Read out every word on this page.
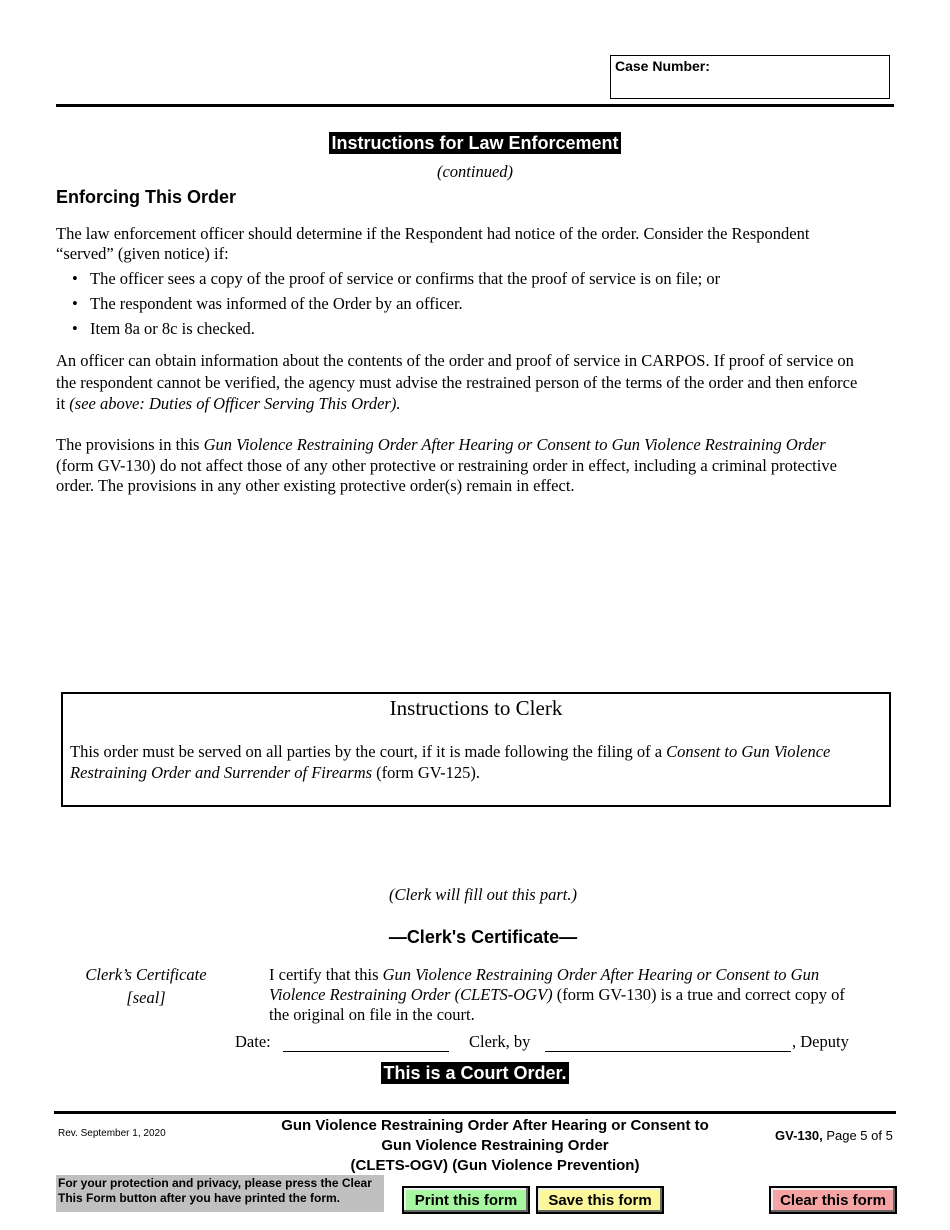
Case Number:
Instructions for Law Enforcement
(continued)
Enforcing This Order
The law enforcement officer should determine if the Respondent had notice of the order. Consider the Respondent
“served” (given notice) if:
• The officer sees a copy of the proof of service or confirms that the proof of service is on file; or
• The respondent was informed of the Order by an officer.
• Item 8a or 8c is checked.
An officer can obtain information about the contents of the order and proof of service in CARPOS. If proof of service on
the respondent cannot be verified, the agency must advise the restrained person of the terms of the order and then enforce
it (see above: Duties of Officer Serving This Order).
The provisions in this Gun Violence Restraining Order After Hearing or Consent to Gun Violence Restraining Order
(form GV-130) do not affect those of any other protective or restraining order in effect, including a criminal protective
order. The provisions in any other existing protective order(s) remain in effect.
Instructions to Clerk
This order must be served on all parties by the court, if it is made following the filing of a Consent to Gun Violence
Restraining Order and Surrender of Firearms (form GV-125).
(Clerk will fill out this part.)
—Clerk's Certificate—
Clerk’s Certificate
[seal]
I certify that this Gun Violence Restraining Order After Hearing or Consent to Gun
Violence Restraining Order (CLETS-OGV) (form GV-130) is a true and correct copy of
the original on file in the court.
Date:	Clerk, by	, Deputy
This is a Court Order.
Rev. September 1, 2020	Gun Violence Restraining Order After Hearing or Consent to
Gun Violence Restraining Order
(CLETS-OGV) (Gun Violence Prevention)
GV-130, Page 5 of 5
For your protection and privacy, please press the Clear
This Form button after you have printed the form.	Print this form	Save this form	Clear this form
